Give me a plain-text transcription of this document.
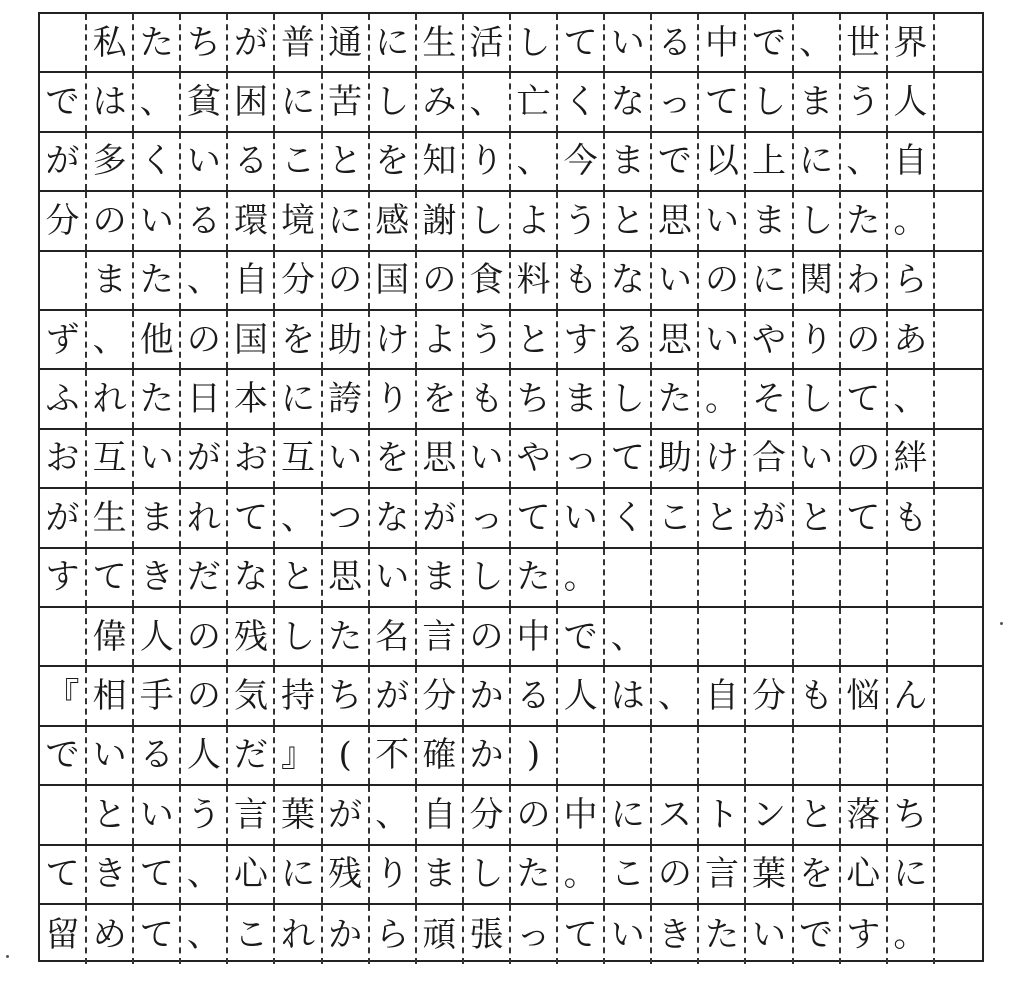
私 た ち が 普 通 に 生 活 し て い る 中 で 、 世 界
で は 、 貧 困 に 苦 し み 、 亡 く な っ て し ま う 人
が 多 く い る こ と を 知 り 、 今 ま で 以 上 に 、 自
分 の い る 環 境 に 感 謝 し よ う と 思 い ま し た 。
ま た 、 自 分 の 国 の 食 料 も な い の に 関 わ ら
ず 、 他 の 国 を 助 け よ う と す る 思 い や り の あ
ふ れ た 日 本 に 誇 り を も ち ま し た 。 そ し て 、
お 互 い が お 互 い を 思 い や っ て 助 け 合 い の 絆
が 生 ま れ て 、 つ な が っ て い く こ と が と て も
す て き だ な と 思 い ま し た 。
偉 人 の 残 し た 名 言 の 中 で 、
『 相 手 の 気 持 ち が 分 か る 人 は 、 自 分 も 悩 ん
で い る 人 だ 』 ( 不 確 か )
と い う 言 葉 が 、 自 分 の 中 に ス ト ン と 落 ち
て き て 、 心 に 残 り ま し た 。 こ の 言 葉 を 心 に
留 め て 、 こ れ か ら 頑 張 っ て い き た い で す 。
